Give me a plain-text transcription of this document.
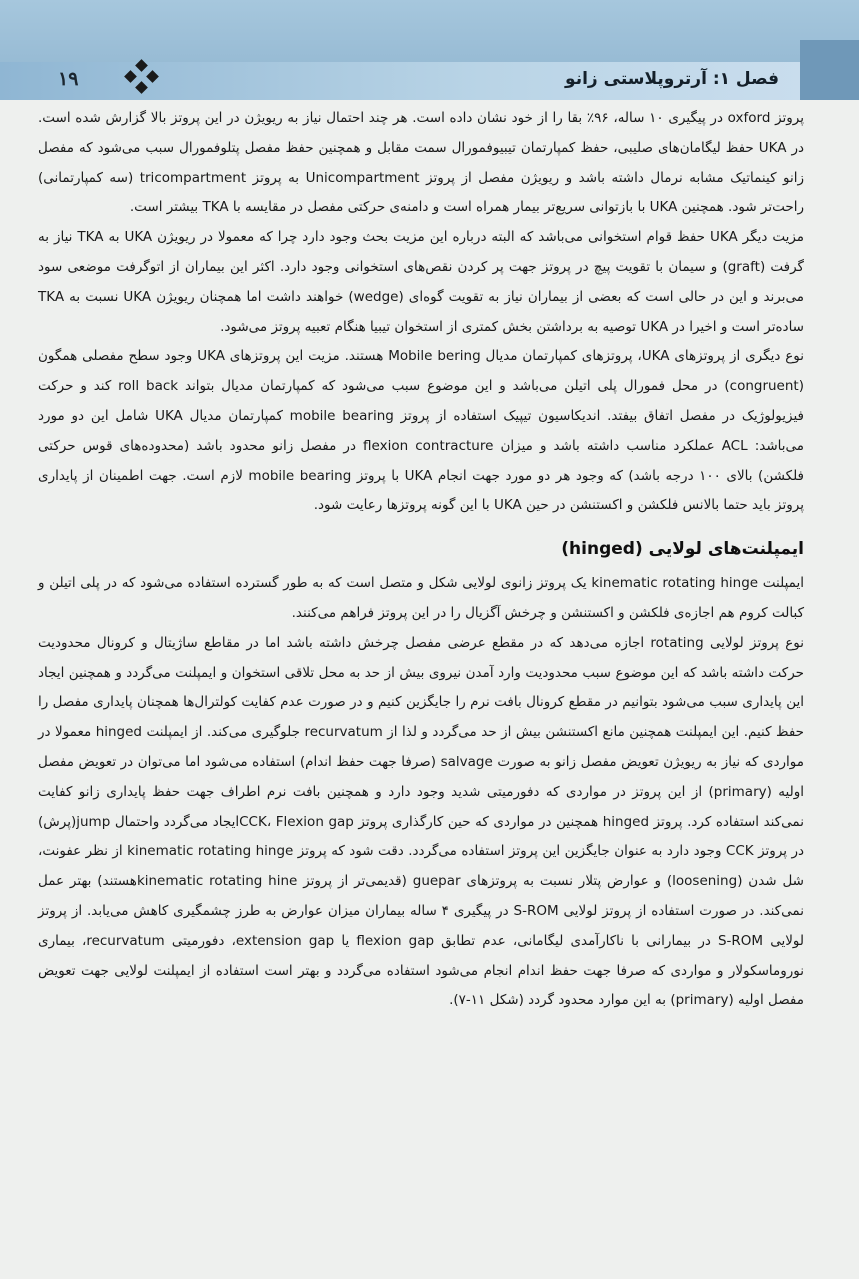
۱۹	فصل ۱: آرتروپلاستی زانو

پروتز oxford در پیگیری ۱۰ ساله، ۹۶٪ بقا را از خود نشان داده است. هر چند احتمال نیاز به ریویژن در این پروتز بالا گزارش شده است. در UKA حفظ لیگامان‌های صلیبی، حفظ کمپارتمان تیبیوفمورال سمت مقابل و همچنین حفظ مفصل پتلوفمورال سبب می‌شود که مفصل زانو کینماتیک مشابه نرمال داشته باشد و ریویژن مفصل از پروتز Unicompartment به پروتز tricompartment (سه کمپارتمانی) راحت‌تر شود. همچنین UKA با بازتوانی سریع‌تر بیمار همراه است و دامنه‌ی حرکتی مفصل در مقایسه با TKA بیشتر است.

مزیت دیگر UKA حفظ قوام استخوانی می‌باشد که البته درباره این مزیت بحث وجود دارد چرا که معمولا در ریویژن UKA به TKA نیاز به گرفت (graft) و سیمان با تقویت پیچ در پروتز جهت پر کردن نقص‌های استخوانی وجود دارد. اکثر این بیماران از اتوگرفت موضعی سود می‌برند و این در حالی است که بعضی از بیماران نیاز به تقویت گوه‌ای (wedge) خواهند داشت اما همچنان ریویژن UKA نسبت به TKA ساده‌تر است و اخیرا در UKA توصیه به برداشتن بخش کمتری از استخوان تیبیا هنگام تعبیه پروتز می‌شود.

نوع دیگری از پروتزهای UKA، پروتزهای کمپارتمان مدیال Mobile bering هستند. مزیت این پروتزهای UKA وجود سطح مفصلی همگون (congruent) در محل فمورال پلی اتیلن می‌باشد و این موضوع سبب می‌شود که کمپارتمان مدیال بتواند roll back کند و حرکت فیزیولوژیک در مفصل اتفاق بیفتد. اندیکاسیون تیپیک استفاده از پروتز mobile bearing کمپارتمان مدیال UKA شامل این دو مورد می‌باشد: ACL عملکرد مناسب داشته باشد و میزان flexion contracture در مفصل زانو محدود باشد (محدوده‌های قوس حرکتی فلکشن) بالای ۱۰۰ درجه باشد) که وجود هر دو مورد جهت انجام UKA با پروتز mobile bearing لازم است. جهت اطمینان از پایداری پروتز باید حتما بالانس فلکشن و اکستنشن در حین UKA با این گونه پروتزها رعایت شود.

ایمپلنت‌های لولایی (hinged)

ایمپلنت kinematic rotating hinge یک پروتز زانوی لولایی شکل و متصل است که به طور گسترده استفاده می‌شود که در پلی اتیلن و کبالت کروم هم اجازه‌ی فلکشن و اکستنشن و چرخش آگزیال را در این پروتز فراهم می‌کنند.

نوع پروتز لولایی rotating اجازه می‌دهد که در مقطع عرضی مفصل چرخش داشته باشد اما در مقاطع ساژیتال و کرونال محدودیت حرکت داشته باشد که این موضوع سبب محدودیت وارد آمدن نیروی بیش از حد به محل تلاقی استخوان و ایمپلنت می‌گردد و همچنین ایجاد این پایداری سبب می‌شود بتوانیم در مقطع کرونال بافت نرم را جایگزین کنیم و در صورت عدم کفایت کولترال‌ها همچنان پایداری مفصل را حفظ کنیم. این ایمپلنت همچنین مانع اکستنشن بیش از حد می‌گردد و لذا از recurvatum جلوگیری می‌کند. از ایمپلنت hinged معمولا در مواردی که نیاز به ریویژن تعویض مفصل زانو به صورت salvage (صرفا جهت حفظ اندام) استفاده می‌شود اما می‌توان در تعویض مفصل اولیه (primary) از این پروتز در مواردی که دفورمیتی شدید وجود دارد و همچنین بافت نرم اطراف جهت حفظ پایداری زانو کفایت نمی‌کند استفاده کرد. پروتز hinged همچنین در مواردی که حین کارگذاری پروتز CCK، Flexion gapایجاد می‌گردد واحتمال jump(پرش) در پروتز CCK وجود دارد به عنوان جایگزین این پروتز استفاده می‌گردد. دقت شود که پروتز kinematic rotating hinge از نظر عفونت، شل شدن (loosening) و عوارض پتلار نسبت به پروتزهای guepar (قدیمی‌تر از پروتز kinematic rotating hineهستند) بهتر عمل نمی‌کند. در صورت استفاده از پروتز لولایی S-ROM در پیگیری ۴ ساله بیماران میزان عوارض به طرز چشمگیری کاهش می‌یابد. از پروتز لولایی S-ROM در بیمارانی با ناکارآمدی لیگامانی، عدم تطابق flexion gap یا extension gap، دفورمیتی recurvatum، بیماری نوروماسکولار و مواردی که صرفا جهت حفظ اندام انجام می‌شود استفاده می‌گردد و بهتر است استفاده از ایمپلنت لولایی جهت تعویض مفصل اولیه (primary) به این موارد محدود گردد (شکل ۱۱-۷).
